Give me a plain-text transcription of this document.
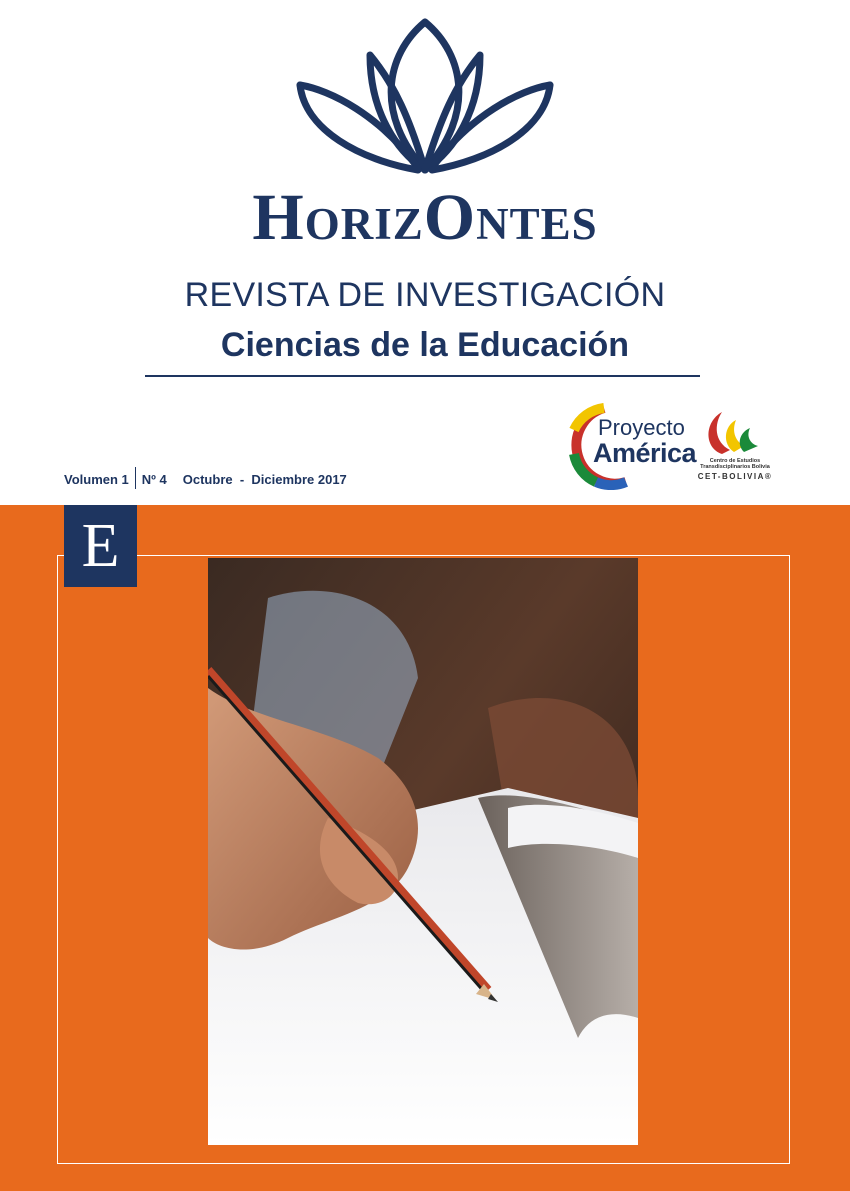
HORIZONTES
REVISTA DE INVESTIGACIÓN
Ciencias de la Educación
Proyecto
América	Centro de Estudios Transdisciplinarios Bolivia
CET-BOLIVIA®
Volumen 1 Nº 4 Octubre  -  Diciembre 2017
E
